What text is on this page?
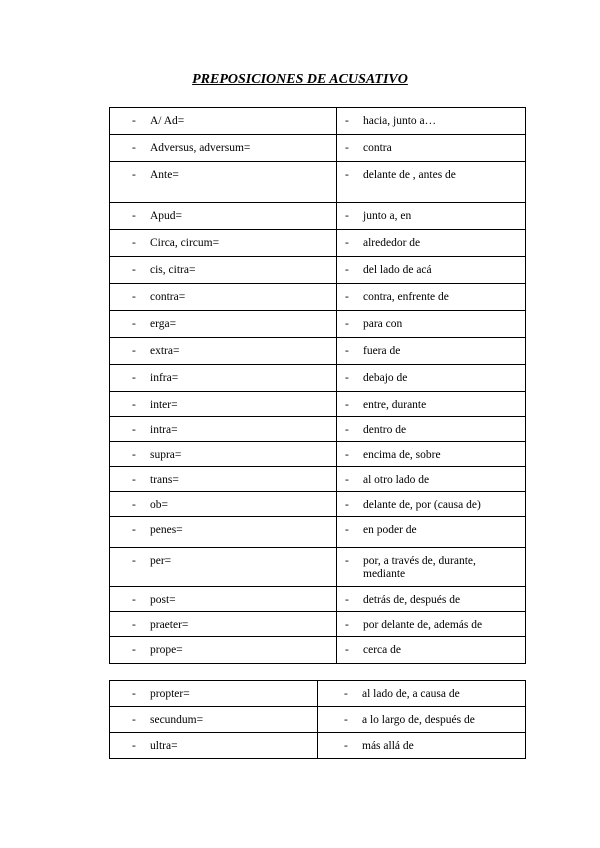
PREPOSICIONES DE ACUSATIVO
- A/ Ad=	- hacia, junto a…

- Adversus, adversum=	- contra

- Ante=	- delante de , antes de

- Apud=	- junto a, en

- Circa, circum=	- alrededor de

- cis, citra=	- del lado de acá

- contra=	- contra, enfrente de

- erga=	- para con

- extra=	- fuera de

- infra=	- debajo de

- inter=	- entre, durante

- intra=	- dentro de

- supra=	- encima de, sobre

- trans=	- al otro lado de

- ob=	- delante de, por (causa de)

- penes=	- en poder de

- per=	- por, a través de, durante, mediante

- post=	- detrás de, después de

- praeter=	- por delante de, además de

- prope=	- cerca de
- propter=	- al lado de, a causa de

- secundum=	- a lo largo de, después de

- ultra=	- más allá de
